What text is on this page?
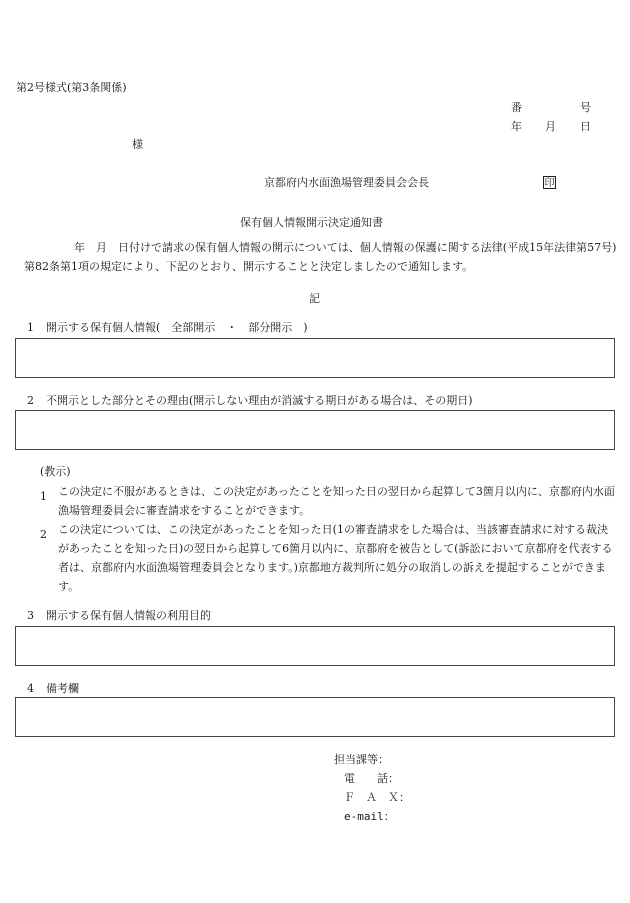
第2号様式(第3条関係)
番	号
年 月 日
様
京都府内水面漁場管理委員会会長	印
保有個人情報開示決定通知書
年　月　日付けで請求の保有個人情報の開示については、個人情報の保護に関する法律(平成15年法律第57号)第82条第1項の規定により、下記のとおり、開示することと決定しましたので通知します。
記
1 開示する保有個人情報(　全部開示　・　部分開示　)
2 不開示とした部分とその理由(開示しない理由が消滅する期日がある場合は、その期日)
(教示)
1 この決定に不服があるときは、この決定があったことを知った日の翌日から起算して3箇月以内に、京都府内水面漁場管理委員会に審査請求をすることができます。
2 この決定については、この決定があったことを知った日(1の審査請求をした場合は、当該審査請求に対する裁決があったことを知った日)の翌日から起算して6箇月以内に、京都府を被告として(訴訟において京都府を代表する者は、京都府内水面漁場管理委員会となります。)京都地方裁判所に処分の取消しの訴えを提起することができます。
3 開示する保有個人情報の利用目的
4 備考欄
担当課等：
電　　話：
Ｆ　Ａ　Ｘ：
e-mail：
